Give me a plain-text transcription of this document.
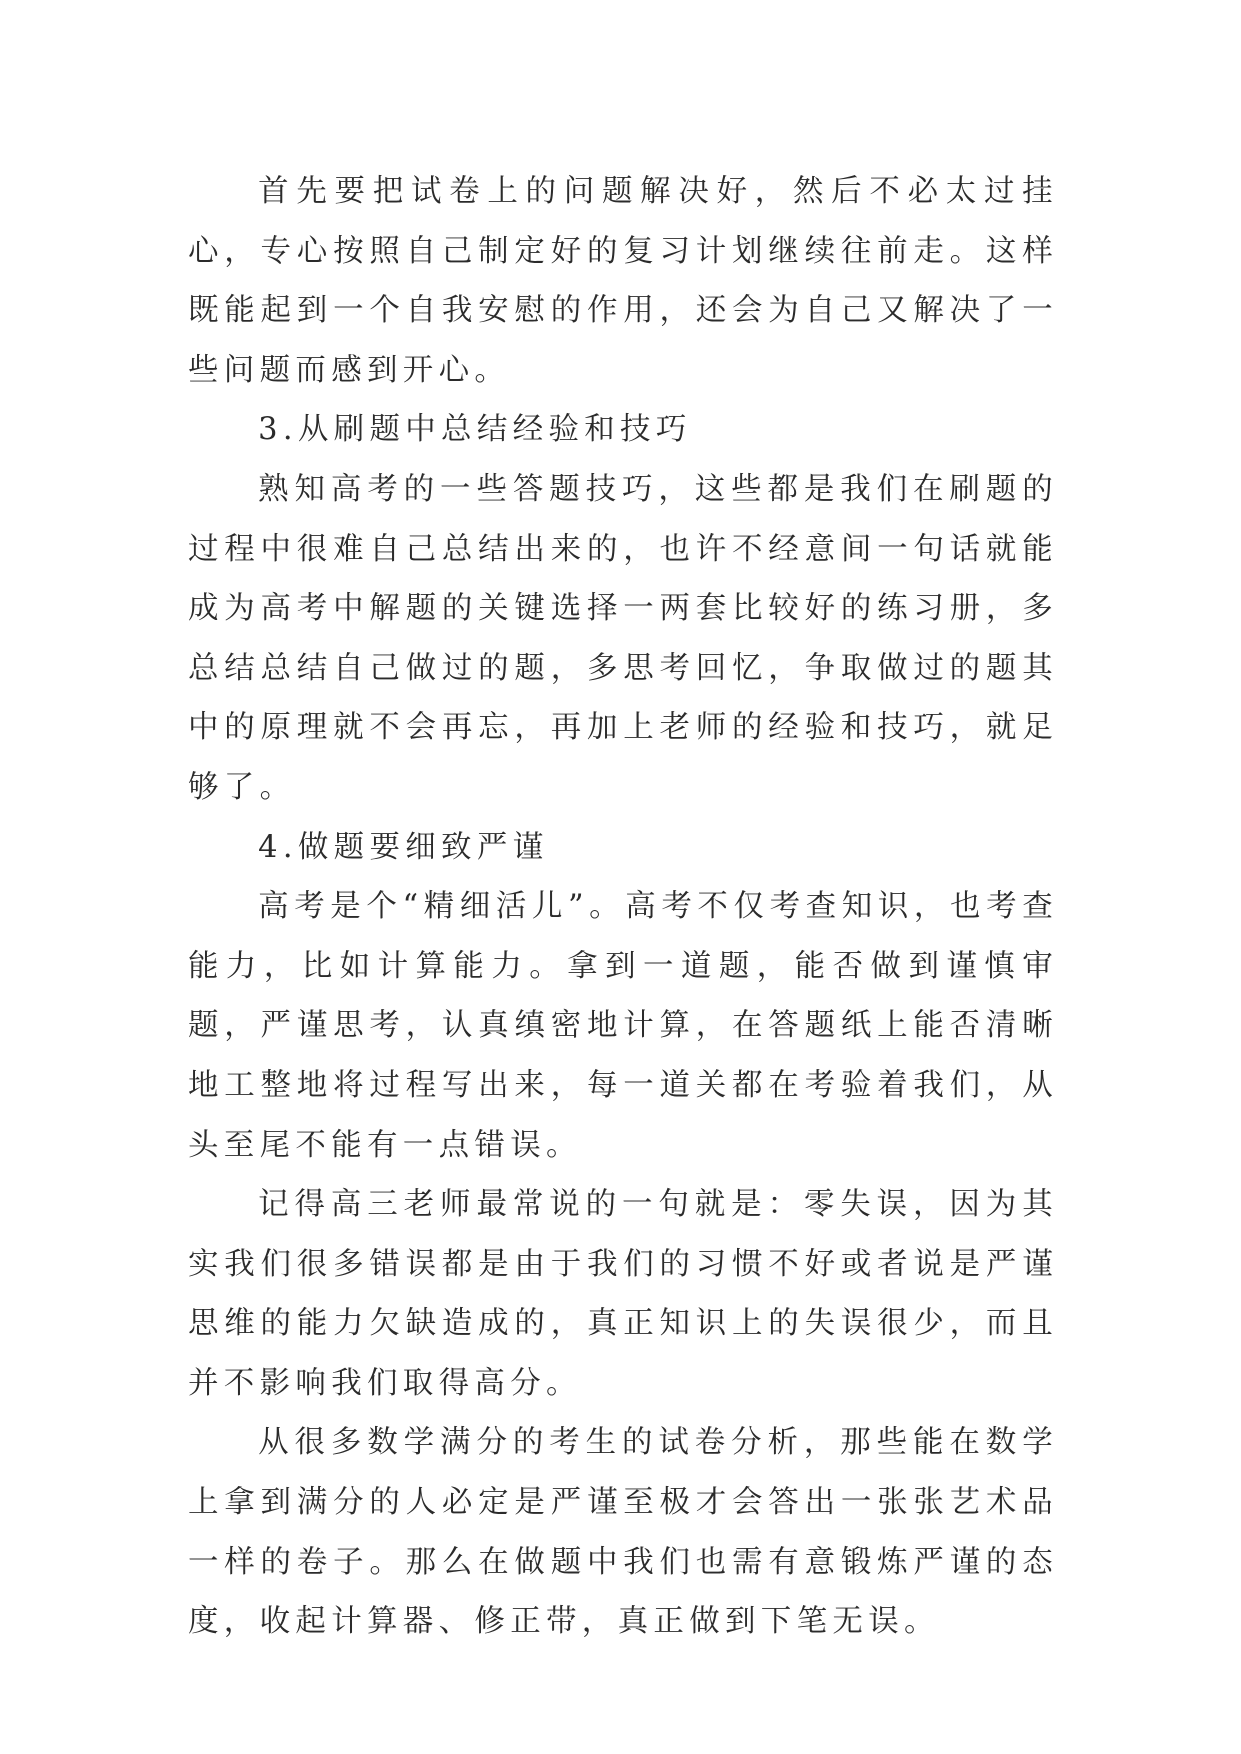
首先要把试卷上的问题解决好，然后不必太过挂心，专心按照自己制定好的复习计划继续往前走。这样既能起到一个自我安慰的作用，还会为自己又解决了一些问题而感到开心。

3.从刷题中总结经验和技巧

熟知高考的一些答题技巧，这些都是我们在刷题的过程中很难自己总结出来的，也许不经意间一句话就能成为高考中解题的关键选择一两套比较好的练习册，多总结总结自己做过的题，多思考回忆，争取做过的题其中的原理就不会再忘，再加上老师的经验和技巧，就足够了。

4.做题要细致严谨

高考是个“精细活儿”。高考不仅考查知识，也考查能力，比如计算能力。拿到一道题，能否做到谨慎审题，严谨思考，认真缜密地计算，在答题纸上能否清晰地工整地将过程写出来，每一道关都在考验着我们，从头至尾不能有一点错误。

记得高三老师最常说的一句就是：零失误，因为其实我们很多错误都是由于我们的习惯不好或者说是严谨思维的能力欠缺造成的，真正知识上的失误很少，而且并不影响我们取得高分。

从很多数学满分的考生的试卷分析，那些能在数学上拿到满分的人必定是严谨至极才会答出一张张艺术品一样的卷子。那么在做题中我们也需有意锻炼严谨的态度，收起计算器、修正带，真正做到下笔无误。
